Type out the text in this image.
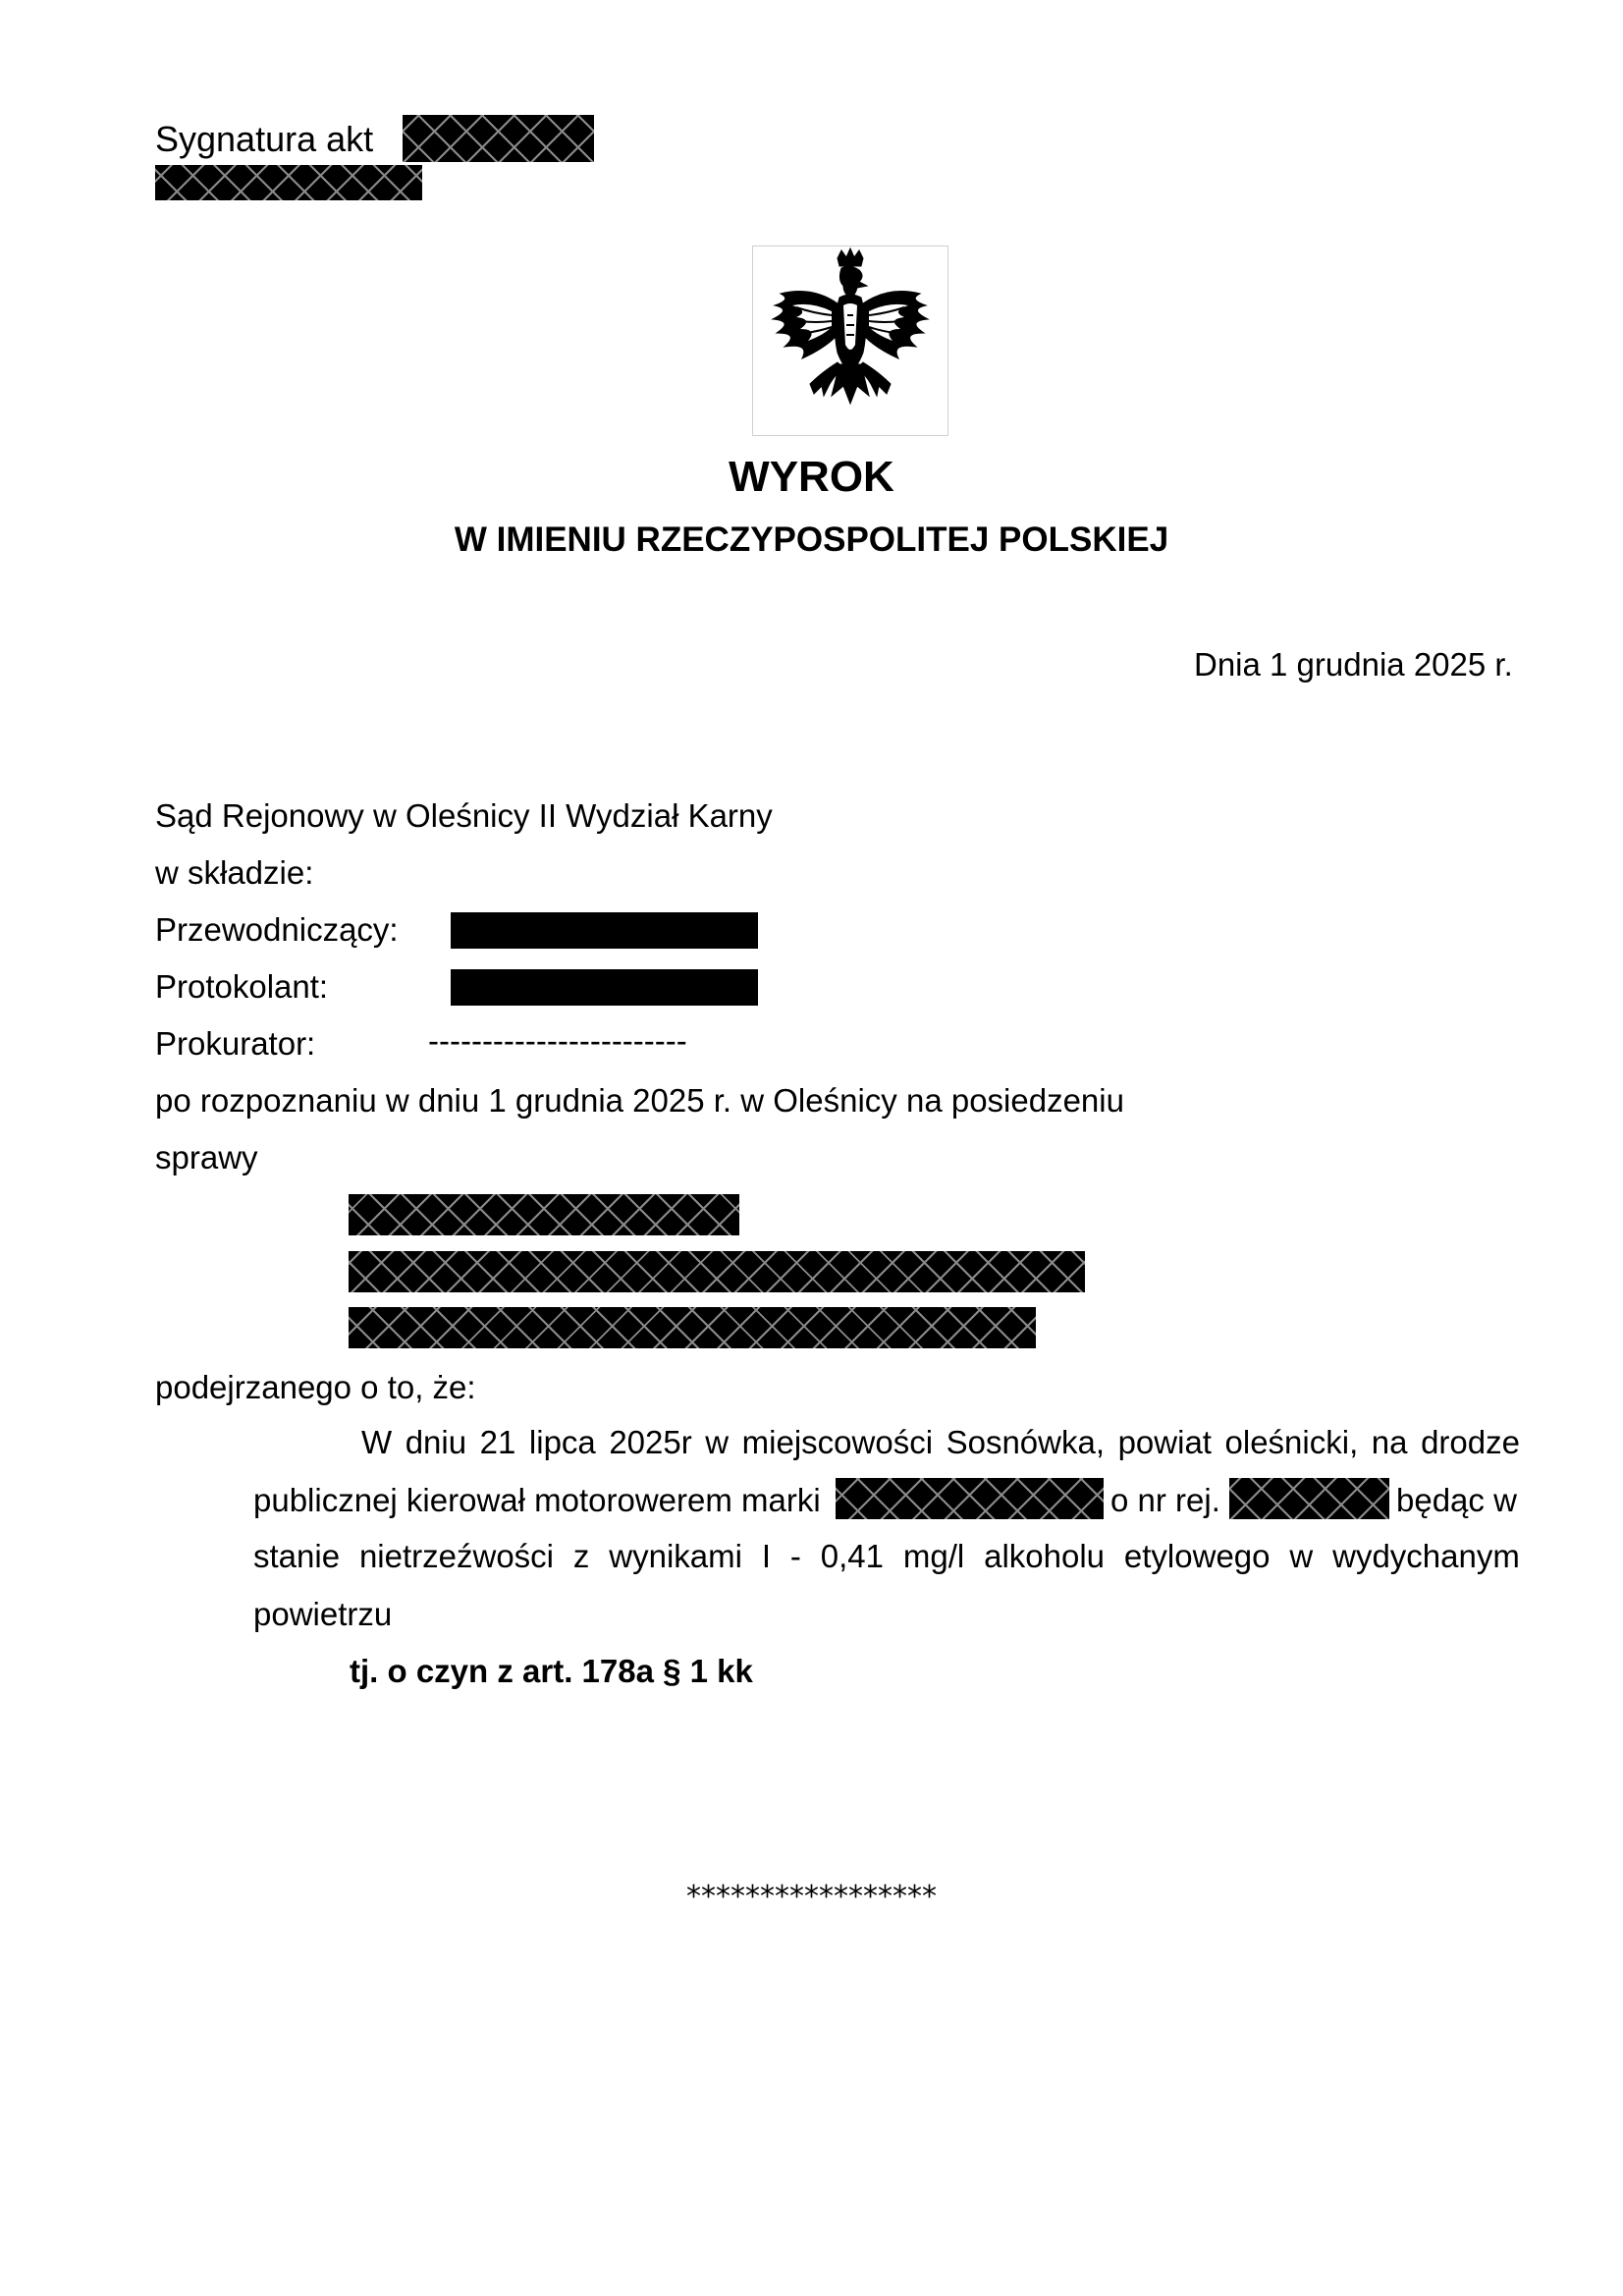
Sygnatura akt
WYROK
W IMIENIU RZECZYPOSPOLITEJ POLSKIEJ
Dnia 1 grudnia 2025 r.
Sąd Rejonowy w Oleśnicy II Wydział Karny
w składzie:
Przewodniczący:
Protokolant:
Prokurator:	------------------------
po rozpoznaniu w dniu 1 grudnia 2025 r. w Oleśnicy na posiedzeniu
sprawy
podejrzanego o to, że:
W dniu 21 lipca 2025r w miejscowości Sosnówka, powiat oleśnicki, na drodze
publicznej kierował motorowerem marki	o nr rej.	będąc w
stanie nietrzeźwości z wynikami I - 0,41 mg/l alkoholu etylowego w wydychanym
powietrzu
tj. o czyn z art. 178a § 1 kk
*****************
